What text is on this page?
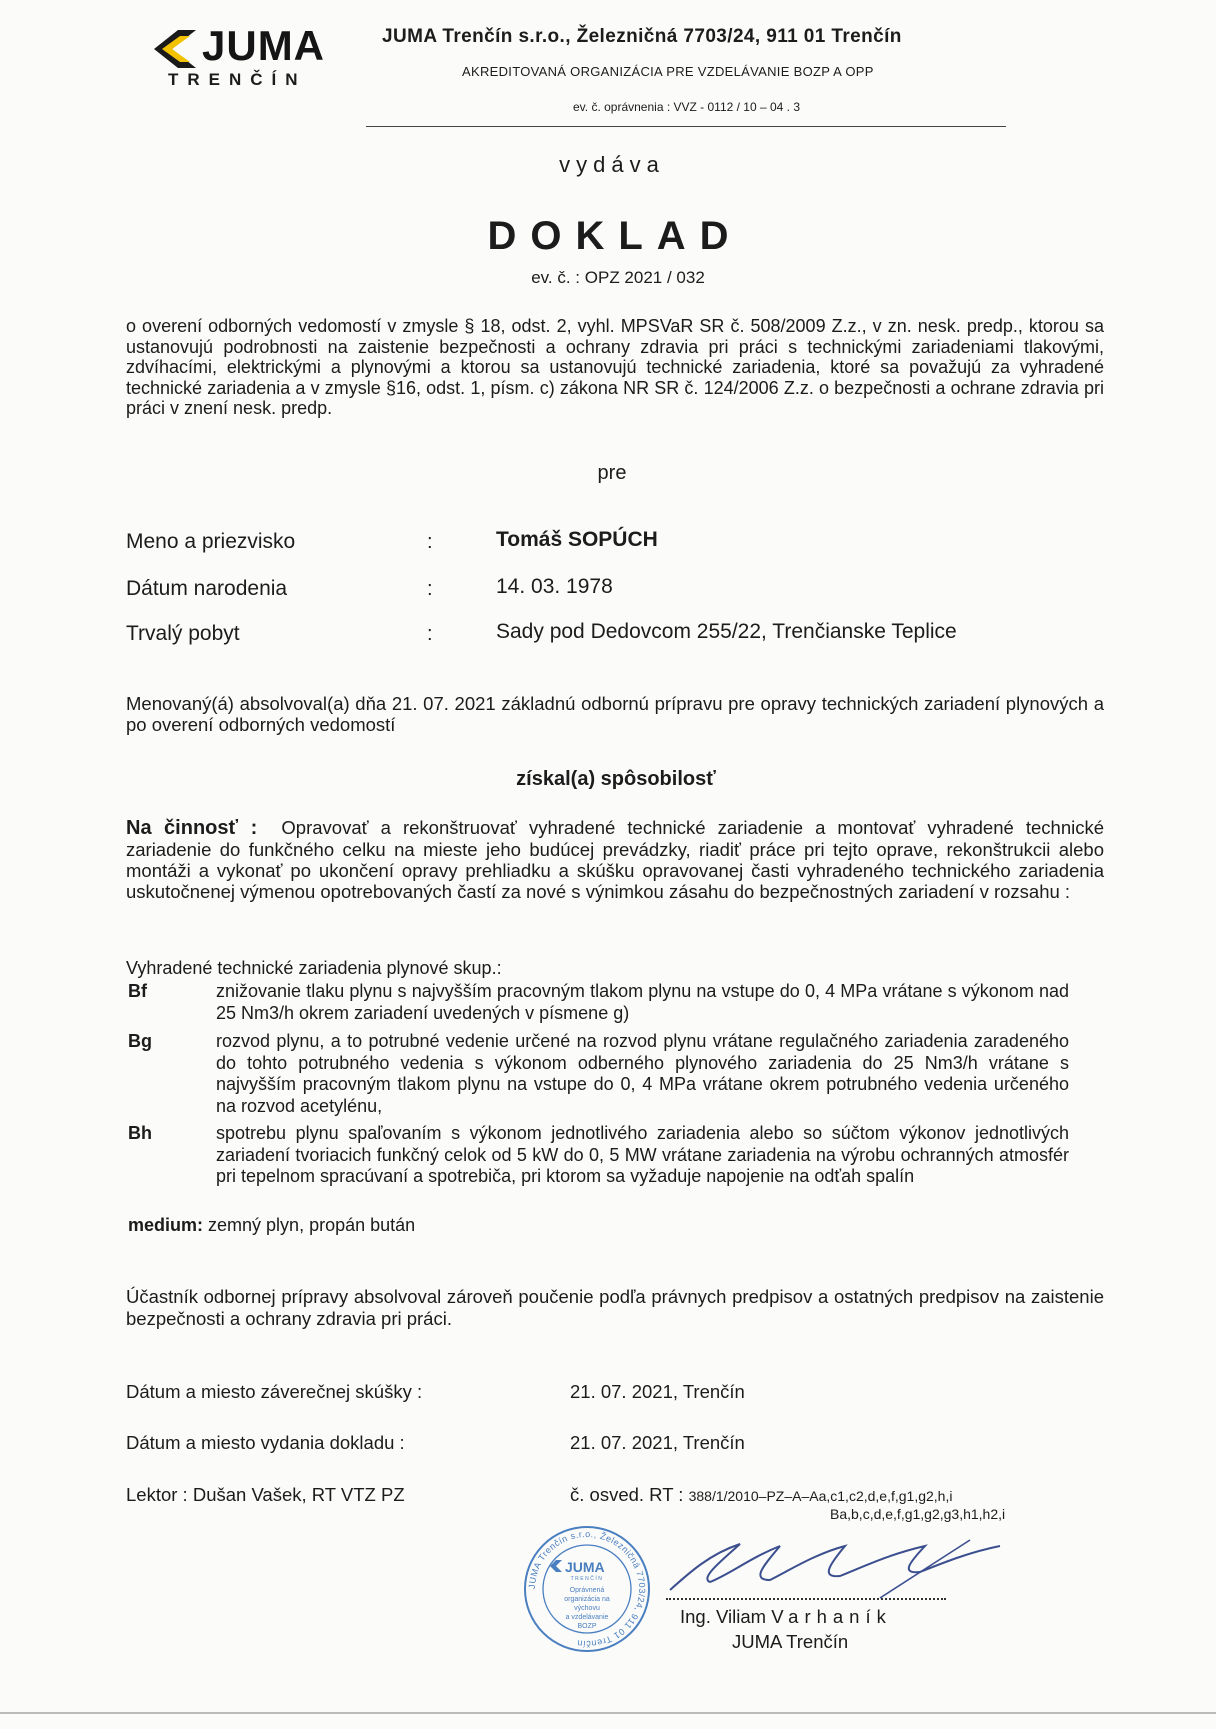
JUMA
TRENČÍN
JUMA Trenčín s.r.o., Železničná 7703/24, 911 01 Trenčín
AKREDITOVANÁ ORGANIZÁCIA PRE VZDELÁVANIE BOZP A OPP
ev. č. oprávnenia : VVZ - 0112 / 10 – 04 . 3
vydáva
DOKLAD
ev. č. : OPZ 2021 / 032
o overení odborných vedomostí v zmysle § 18, odst. 2, vyhl. MPSVaR SR č. 508/2009 Z.z., v zn. nesk. predp., ktorou sa ustanovujú podrobnosti na zaistenie bezpečnosti a ochrany zdravia pri práci s technickými zariadeniami tlakovými, zdvíhacími, elektrickými a plynovými a ktorou sa ustanovujú technické zariadenia, ktoré sa považujú za vyhradené technické zariadenia a v zmysle §16, odst. 1, písm. c) zákona NR SR č. 124/2006 Z.z. o bezpečnosti a ochrane zdravia pri práci v znení nesk. predp.
pre
Meno a priezvisko	:	Tomáš SOPÚCH
Dátum narodenia	:	14. 03. 1978
Trvalý pobyt	:	Sady pod Dedovcom 255/22, Trenčianske Teplice
Menovaný(á) absolvoval(a) dňa 21. 07. 2021 základnú odbornú prípravu pre opravy technických zariadení plynových a po overení odborných vedomostí
získal(a) spôsobilosť
Na činnosť : Opravovať a rekonštruovať vyhradené technické zariadenie a montovať vyhradené technické zariadenie do funkčného celku na mieste jeho budúcej prevádzky, riadiť práce pri tejto oprave, rekonštrukcii alebo montáži a vykonať po ukončení opravy prehliadku a skúšku opravovanej časti vyhradeného technického zariadenia uskutočnenej výmenou opotrebovaných častí za nové s výnimkou zásahu do bezpečnostných zariadení v rozsahu :
Vyhradené technické zariadenia plynové skup.:
Bf	znižovanie tlaku plynu s najvyšším pracovným tlakom plynu na vstupe do 0, 4 MPa vrátane s výkonom nad 25 Nm3/h okrem zariadení uvedených v písmene g)
Bg	rozvod plynu, a to potrubné vedenie určené na rozvod plynu vrátane regulačného zariadenia zaradeného do tohto potrubného vedenia s výkonom odberného plynového zariadenia do 25 Nm3/h vrátane s najvyšším pracovným tlakom plynu na vstupe do 0, 4 MPa vrátane okrem potrubného vedenia určeného na rozvod acetylénu,
Bh	spotrebu plynu spaľovaním s výkonom jednotlivého zariadenia alebo so súčtom výkonov jednotlivých zariadení tvoriacich funkčný celok od 5 kW do 0, 5 MW vrátane zariadenia na výrobu ochranných atmosfér pri tepelnom spracúvaní a spotrebiča, pri ktorom sa vyžaduje napojenie na odťah spalín
medium: zemný plyn, propán bután
Účastník odbornej prípravy absolvoval zároveň poučenie podľa právnych predpisov a ostatných predpisov na zaistenie bezpečnosti a ochrany zdravia pri práci.
Dátum a miesto záverečnej skúšky :	21. 07. 2021, Trenčín
Dátum a miesto vydania dokladu :	21. 07. 2021, Trenčín
Lektor : Dušan Vašek, RT VTZ PZ	č. osved. RT : 388/1/2010–PZ–A–Aa,c1,c2,d,e,f,g1,g2,h,i
Ba,b,c,d,e,f,g1,g2,g3,h1,h2,i
JUMA Trenčín s.r.o., Železničná 7703/24, 911 01 Trenčín
JUMA
TRENČÍN
Oprávnená
organizácia na
výchovu
a vzdelávanie
BOZP	Ing. Viliam Varhaník
JUMA Trenčín
